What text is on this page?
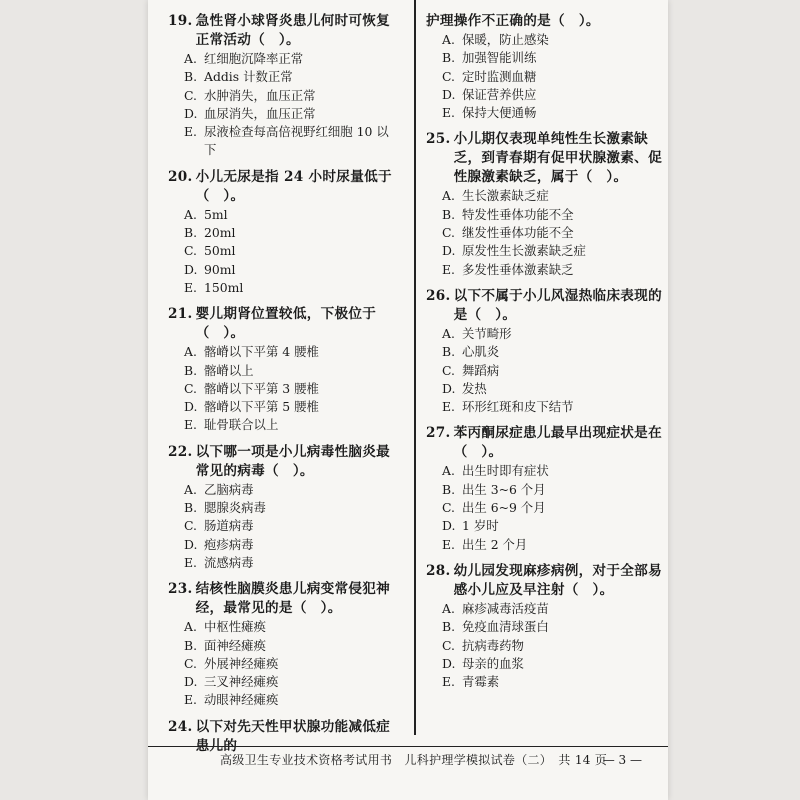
19. 急性肾小球肾炎患儿何时可恢复正常活动（　）。
A. 红细胞沉降率正常
B. Addis 计数正常
C. 水肿消失，血压正常
D. 血尿消失，血压正常
E. 尿液检查每高倍视野红细胞 10 以下
20. 小儿无尿是指 24 小时尿量低于（　）。
A. 5ml
B. 20ml
C. 50ml
D. 90ml
E. 150ml
21. 婴儿期肾位置较低，下极位于（　）。
A. 髂嵴以下平第 4 腰椎
B. 髂嵴以上
C. 髂嵴以下平第 3 腰椎
D. 髂嵴以下平第 5 腰椎
E. 耻骨联合以上
22. 以下哪一项是小儿病毒性脑炎最常见的病毒（　）。
A. 乙脑病毒
B. 腮腺炎病毒
C. 肠道病毒
D. 疱疹病毒
E. 流感病毒
23. 结核性脑膜炎患儿病变常侵犯神经，最常见的是（　）。
A. 中枢性瘫痪
B. 面神经瘫痪
C. 外展神经瘫痪
D. 三叉神经瘫痪
E. 动眼神经瘫痪
24. 以下对先天性甲状腺功能减低症患儿的
护理操作不正确的是（　）。
A. 保暖，防止感染
B. 加强智能训练
C. 定时监测血糖
D. 保证营养供应
E. 保持大便通畅
25. 小儿期仅表现单纯性生长激素缺乏，到青春期有促甲状腺激素、促性腺激素缺乏，属于（　）。
A. 生长激素缺乏症
B. 特发性垂体功能不全
C. 继发性垂体功能不全
D. 原发性生长激素缺乏症
E. 多发性垂体激素缺乏
26. 以下不属于小儿风湿热临床表现的是（　）。
A. 关节畸形
B. 心肌炎
C. 舞蹈病
D. 发热
E. 环形红斑和皮下结节
27. 苯丙酮尿症患儿最早出现症状是在（　）。
A. 出生时即有症状
B. 出生 3~6 个月
C. 出生 6~9 个月
D. 1 岁时
E. 出生 2 个月
28. 幼儿园发现麻疹病例，对于全部易感小儿应及早注射（　）。
A. 麻疹减毒活疫苗
B. 免疫血清球蛋白
C. 抗病毒药物
D. 母亲的血浆
E. 青霉素
高级卫生专业技术资格考试用书　儿科护理学模拟试卷（二）　共 14 页
— 3 —
